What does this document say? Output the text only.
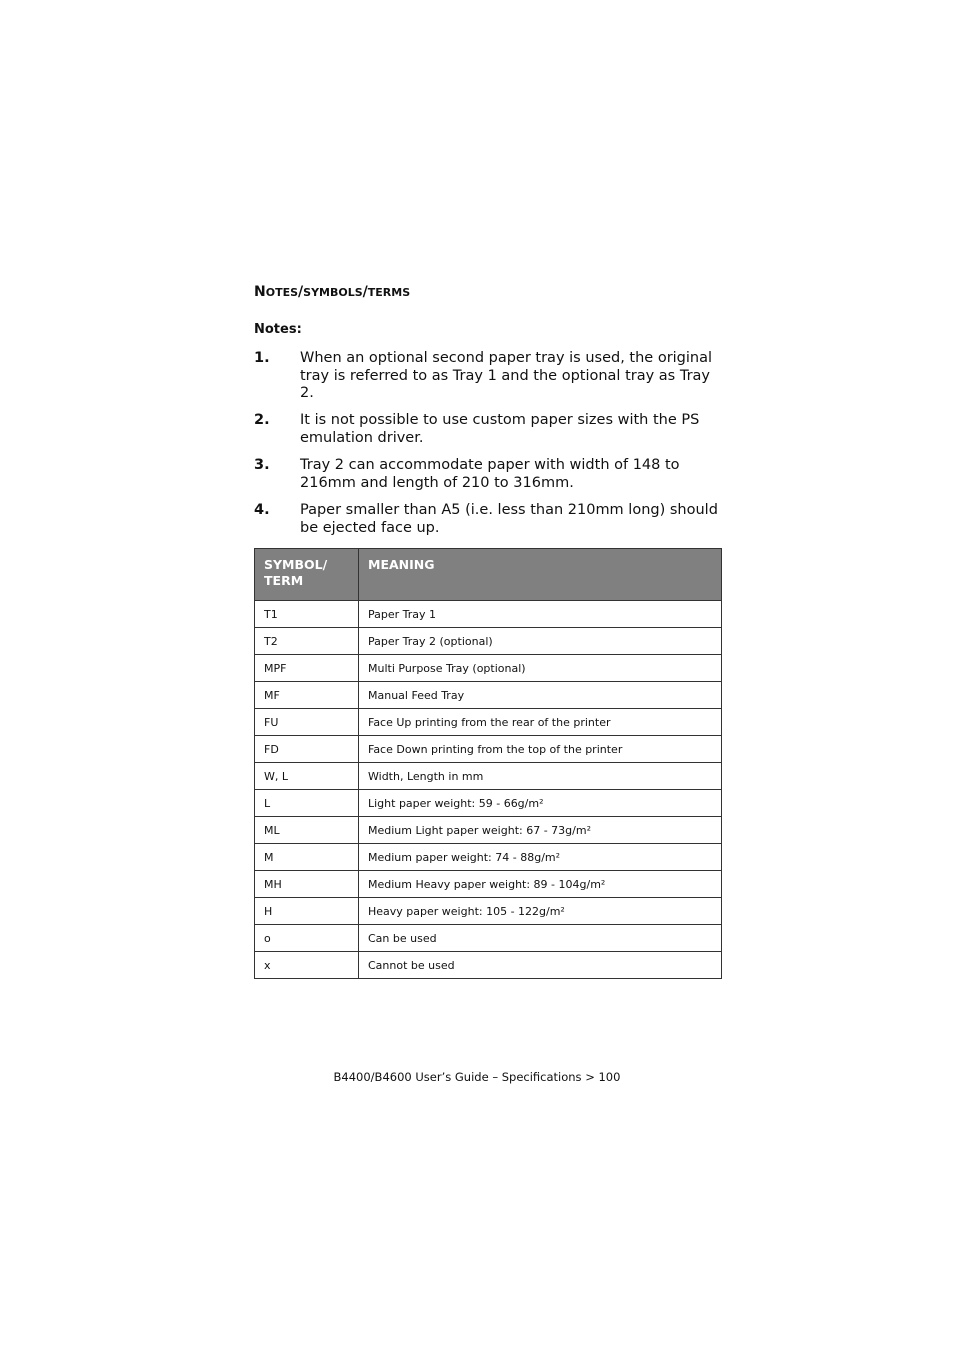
NOTES/SYMBOLS/TERMS
Notes:
1. When an optional second paper tray is used, the original tray is referred to as Tray 1 and the optional tray as Tray 2.
2. It is not possible to use custom paper sizes with the PS emulation driver.
3. Tray 2 can accommodate paper with width of 148 to 216mm and length of 210 to 316mm.
4. Paper smaller than A5 (i.e. less than 210mm long) should be ejected face up.
SYMBOL/
TERM	MEANING
T1	Paper Tray 1
T2	Paper Tray 2 (optional)
MPF	Multi Purpose Tray (optional)
MF	Manual Feed Tray
FU	Face Up printing from the rear of the printer
FD	Face Down printing from the top of the printer
W, L	Width, Length in mm
L	Light paper weight: 59 - 66g/m²
ML	Medium Light paper weight: 67 - 73g/m²
M	Medium paper weight: 74 - 88g/m²
MH	Medium Heavy paper weight: 89 - 104g/m²
H	Heavy paper weight: 105 - 122g/m²
o	Can be used
x	Cannot be used
B4400/B4600 User’s Guide – Specifications > 100
